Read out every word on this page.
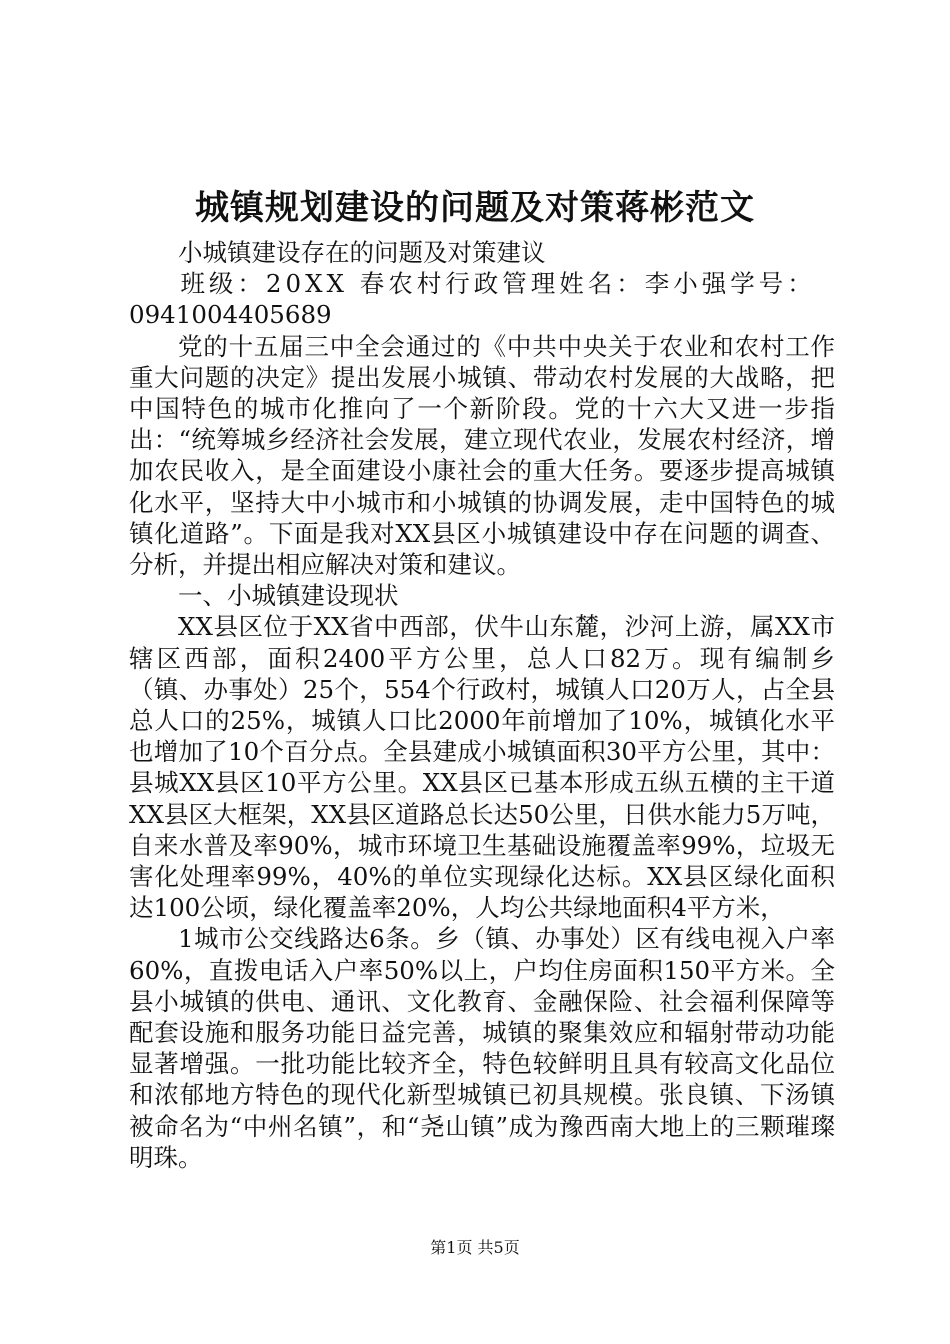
城镇规划建设的问题及对策蒋彬范文

小城镇建设存在的问题及对策建议

班级：20XX 春农村行政管理姓名：李小强学号：

0941004405689

党的十五届三中全会通过的《中共中央关于农业和农村工作重大问题的决定》提出发展小城镇、带动农村发展的大战略，把中国特色的城市化推向了一个新阶段。党的十六大又进一步指出：“统筹城乡经济社会发展，建立现代农业，发展农村经济，增加农民收入，是全面建设小康社会的重大任务。要逐步提高城镇化水平，坚持大中小城市和小城镇的协调发展，走中国特色的城镇化道路”。下面是我对XX县区小城镇建设中存在问题的调查、分析，并提出相应解决对策和建议。

一、小城镇建设现状

XX县区位于XX省中西部，伏牛山东麓，沙河上游，属XX市辖区西部，面积2400平方公里，总人口82万。现有编制乡（镇、办事处）25个，554个行政村，城镇人口20万人，占全县总人口的25%，城镇人口比2000年前增加了10%，城镇化水平也增加了10个百分点。全县建成小城镇面积30平方公里，其中：县城XX县区10平方公里。XX县区已基本形成五纵五横的主干道XX县区大框架，XX县区道路总长达50公里，日供水能力5万吨，自来水普及率90%，城市环境卫生基础设施覆盖率99%，垃圾无害化处理率99%，40%的单位实现绿化达标。XX县区绿化面积达100公顷，绿化覆盖率20%，人均公共绿地面积4平方米，

1城市公交线路达6条。乡（镇、办事处）区有线电视入户率60%，直拨电话入户率50%以上，户均住房面积150平方米。全县小城镇的供电、通讯、文化教育、金融保险、社会福利保障等配套设施和服务功能日益完善，城镇的聚集效应和辐射带动功能显著增强。一批功能比较齐全，特色较鲜明且具有较高文化品位和浓郁地方特色的现代化新型城镇已初具规模。张良镇、下汤镇被命名为“中州名镇”，和“尧山镇”成为豫西南大地上的三颗璀璨明珠。

第1页 共5页
